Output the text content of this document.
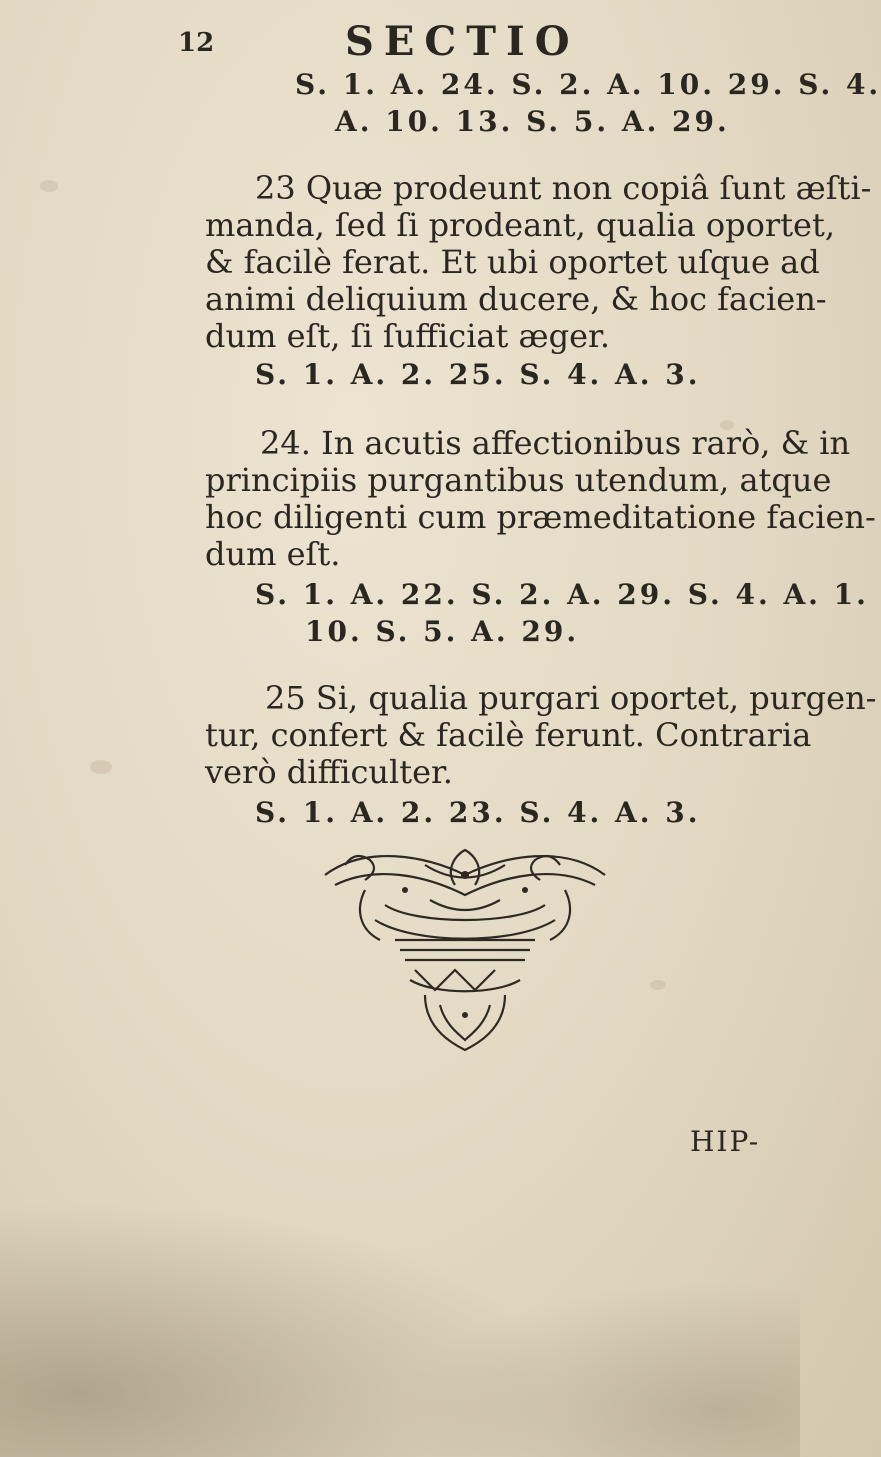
12	SECTIO
S. 1. A. 24. S. 2. A. 10. 29. S. 4.
A. 10. 13. S. 5. A. 29.
23 Quæ prodeunt non copiâ ſunt æſti-
manda, ſed ſi prodeant, qualia oportet,
& facilè ferat. Et ubi oportet uſque ad
animi deliquium ducere, & hoc facien-
dum eſt, ſi ſufficiat æger.
S. 1. A. 2. 25. S. 4. A. 3.
24. In acutis affectionibus rarò, & in
principiis purgantibus utendum, atque
hoc diligenti cum præmeditatione facien-
dum eſt.
S. 1. A. 22. S. 2. A. 29. S. 4. A. 1.
10. S. 5. A. 29.
25 Si, qualia purgari oportet, purgen-
tur, confert & facilè ferunt. Contraria
verò difficulter.
S. 1. A. 2. 23. S. 4. A. 3.
